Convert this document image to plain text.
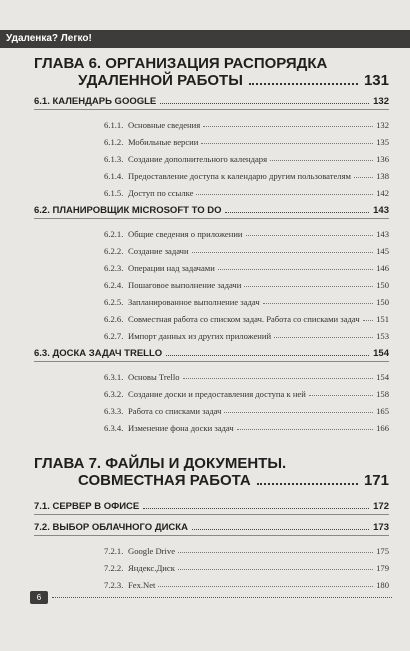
Удаленка? Легко!
ГЛАВА 6. ОРГАНИЗАЦИЯ РАСПОРЯДКА
УДАЛЕННОЙ РАБОТЫ	131
6.1. КАЛЕНДАРЬ GOOGLE	132
6.1.1. Основные сведения	132
6.1.2. Мобильные версии	135
6.1.3. Создание дополнительного календаря	136
6.1.4. Предоставление доступа к календарю другим пользователям	138
6.1.5. Доступ по ссылке	142
6.2. ПЛАНИРОВЩИК MICROSOFT TO DO	143
6.2.1. Общие сведения о приложении	143
6.2.2. Создание задачи	145
6.2.3. Операции над задачами	146
6.2.4. Пошаговое выполнение задачи	150
6.2.5. Запланированное выполнение задач	150
6.2.6. Совместная работа со списком задач. Работа со списками задач 151
6.2.7. Импорт данных из других приложений	153
6.3. ДОСКА ЗАДАЧ TRELLO	154
6.3.1. Основы Trello	154
6.3.2. Создание доски и предоставления доступа к ней	158
6.3.3. Работа со списками задач	165
6.3.4. Изменение фона доски задач	166
ГЛАВА 7. ФАЙЛЫ И ДОКУМЕНТЫ.
СОВМЕСТНАЯ РАБОТА	171
7.1. СЕРВЕР В ОФИСЕ	172
7.2. ВЫБОР ОБЛАЧНОГО ДИСКА	173
7.2.1. Google Drive	175
7.2.2. Яндекс.Диск	179
7.2.3. Fex.Net	180
6
